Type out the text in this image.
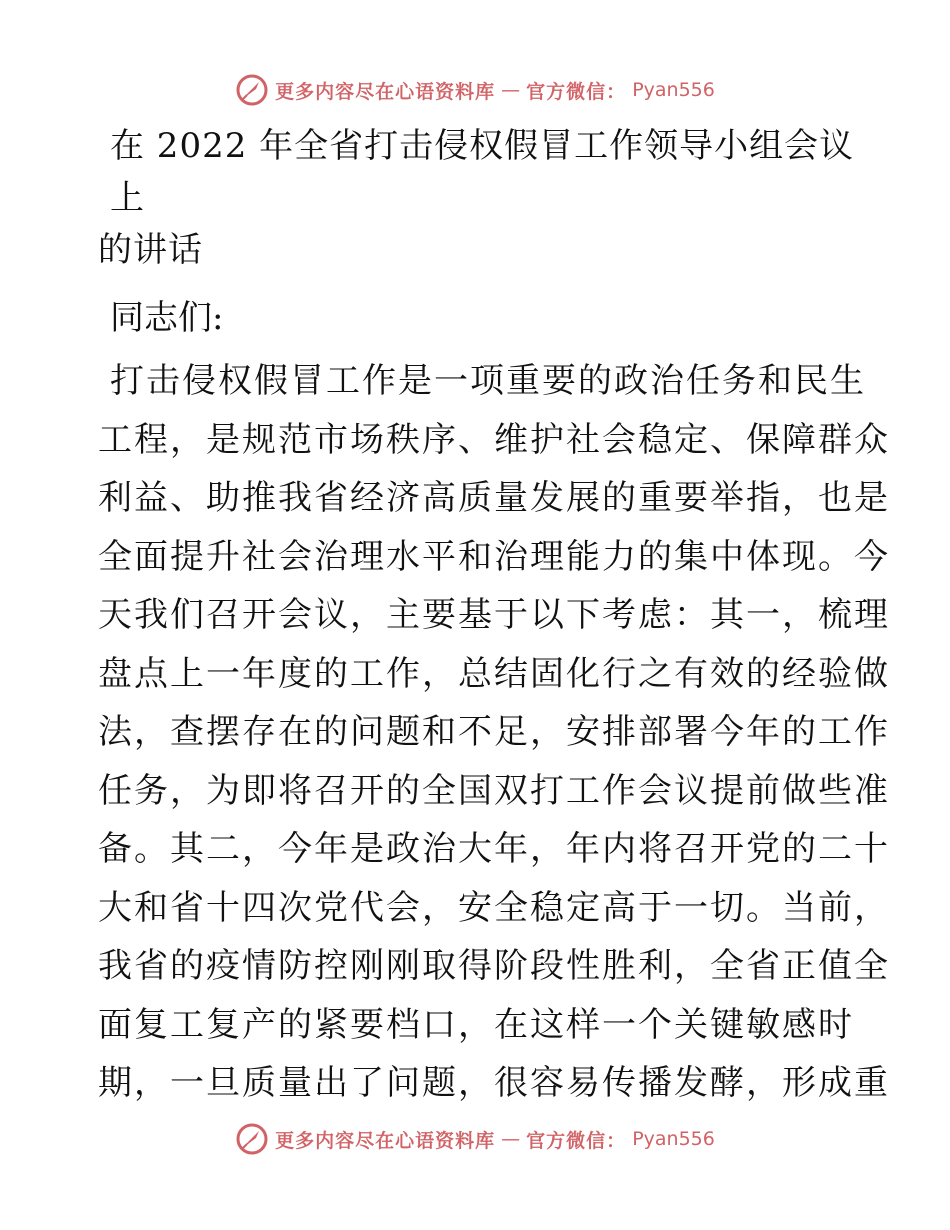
更多内容尽在心语资料库 — 官方微信： Pyan556
在 2022 年全省打击侵权假冒工作领导小组会议上
的讲话

同志们:

打击侵权假冒工作是一项重要的政治任务和民生
工程，是规范市场秩序、维护社会稳定、保障群众
利益、助推我省经济高质量发展的重要举指，也是
全面提升社会治理水平和治理能力的集中体现。今
天我们召开会议，主要基于以下考虑：其一，梳理
盘点上一年度的工作，总结固化行之有效的经验做
法，查摆存在的问题和不足，安排部署今年的工作
任务，为即将召开的全国双打工作会议提前做些准
备。其二，今年是政治大年，年内将召开党的二十
大和省十四次党代会，安全稳定高于一切。当前，
我省的疫情防控刚刚取得阶段性胜利，全省正值全
面复工复产的紧要档口，在这样一个关键敏感时
期，一旦质量出了问题，很容易传播发酵，形成重

更多内容尽在心语资料库 — 官方微信： Pyan556
